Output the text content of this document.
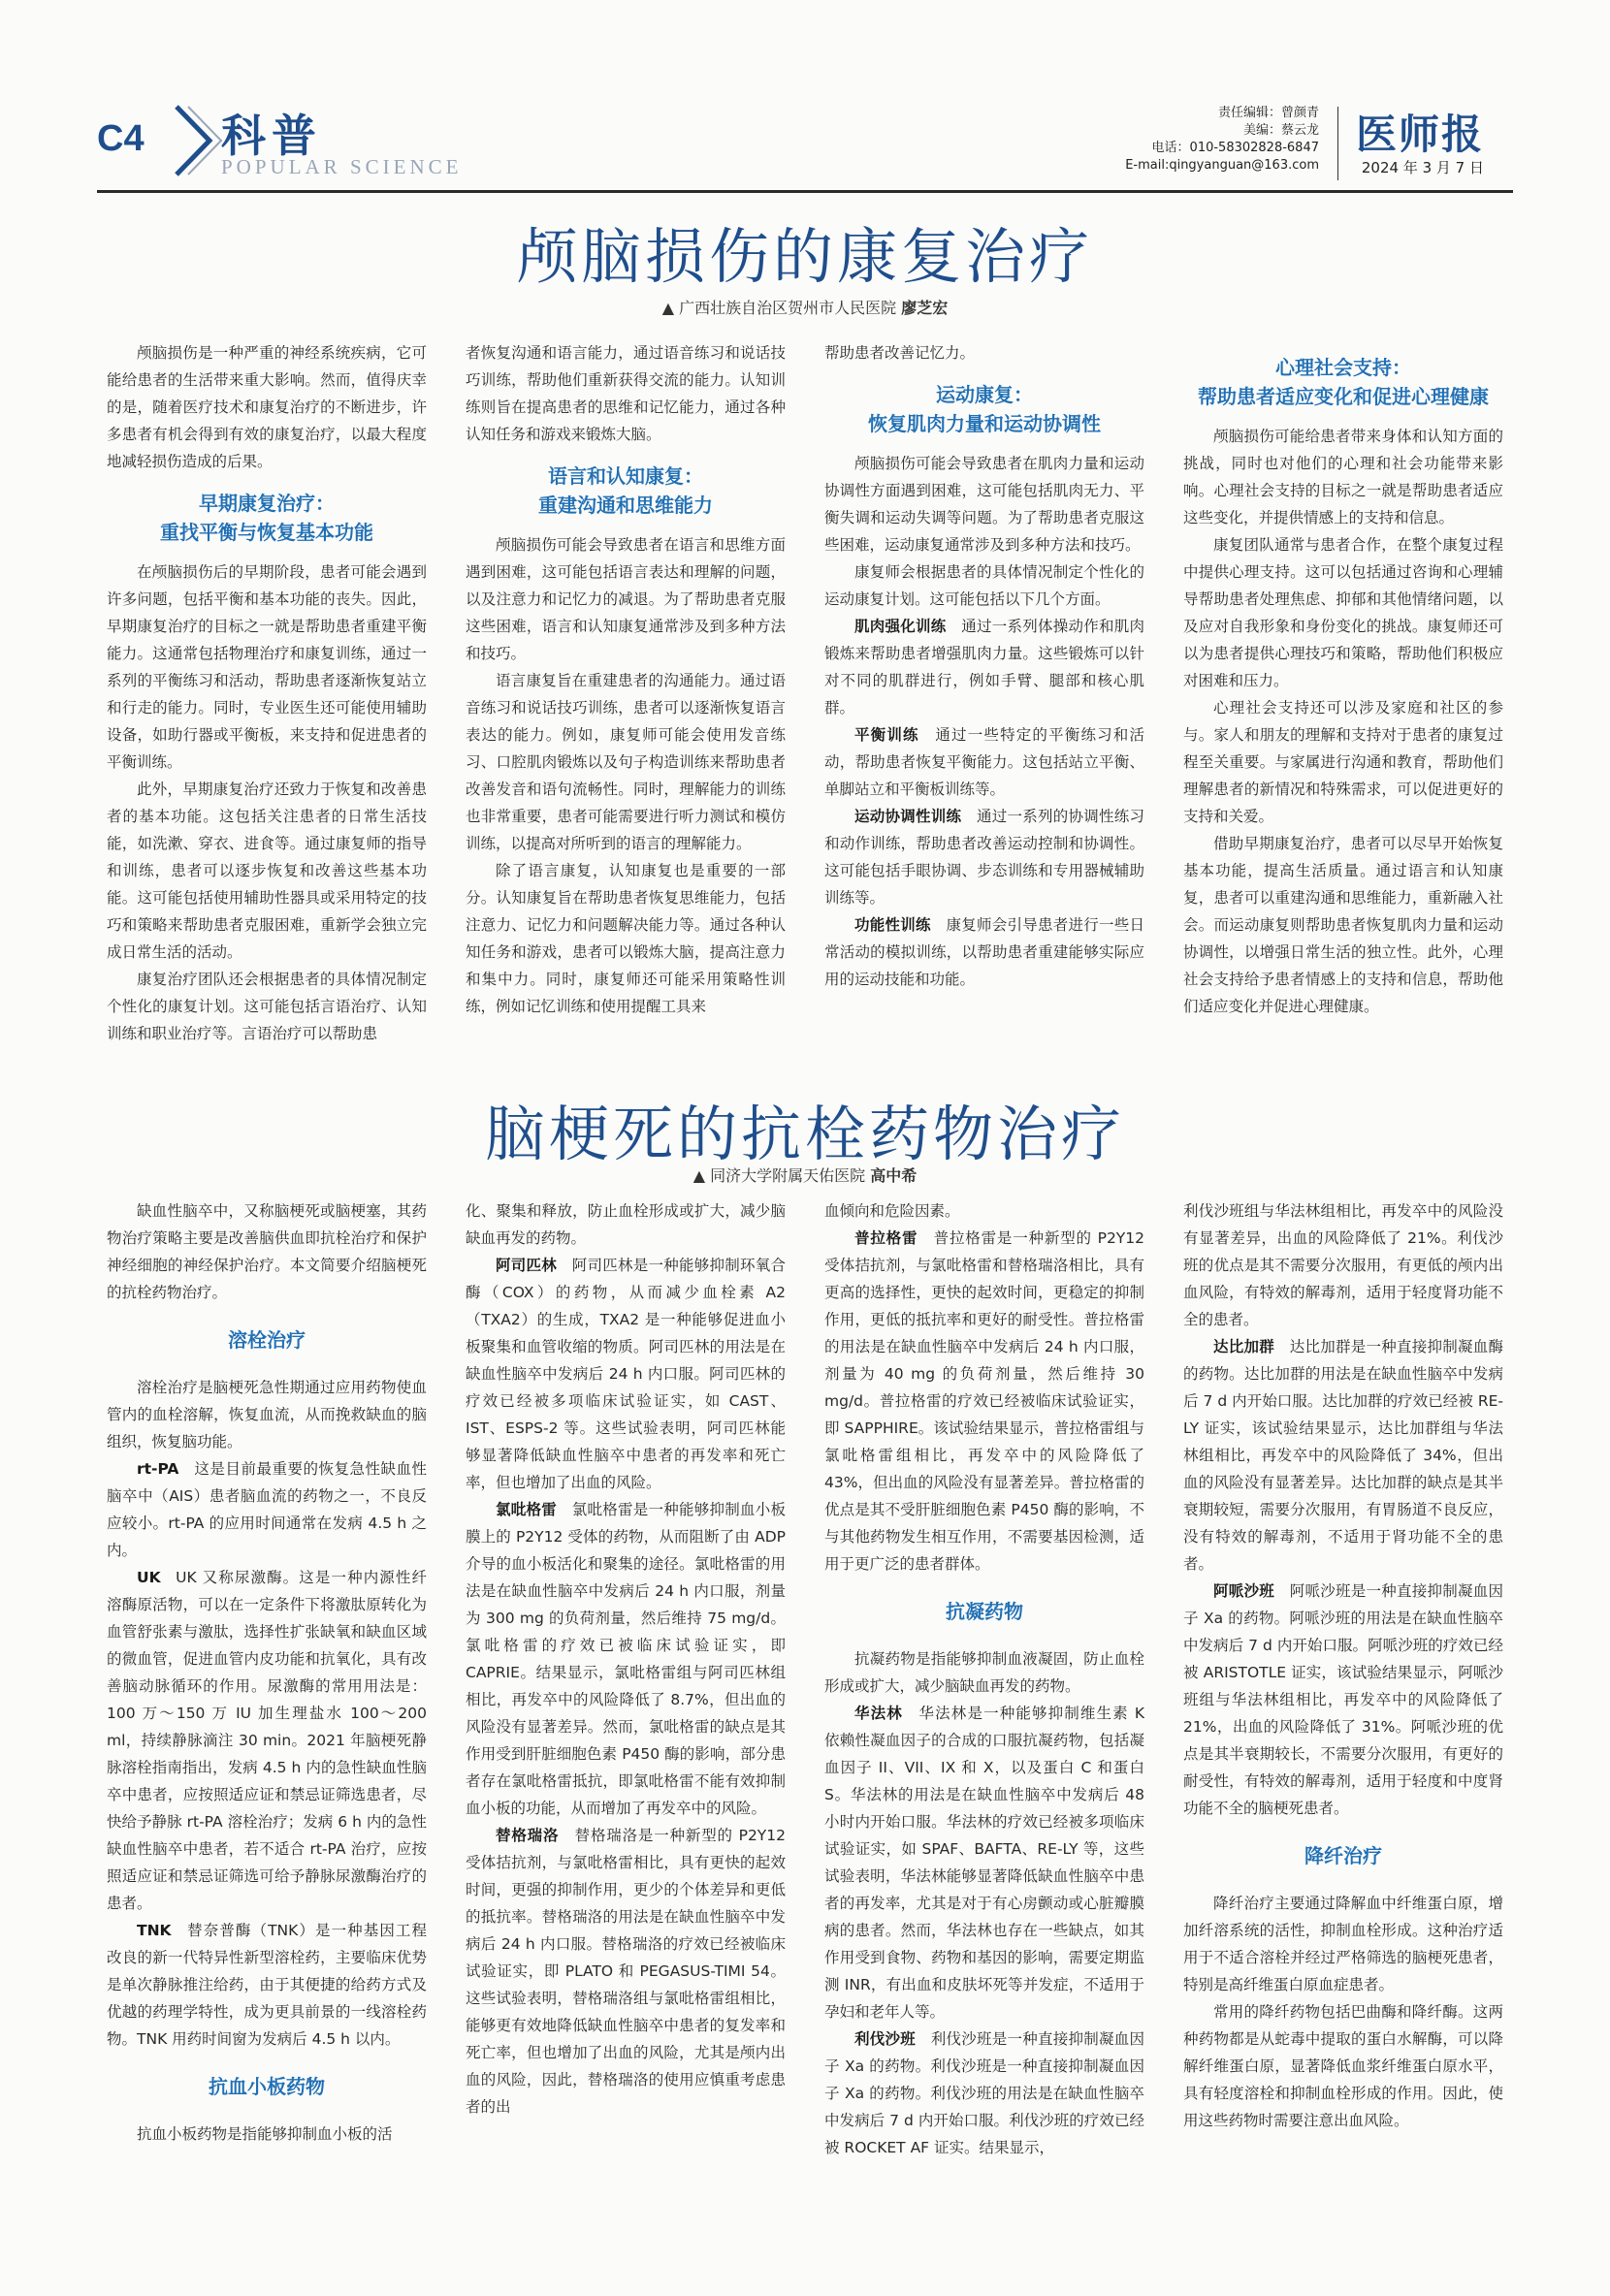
C4 科普
POPULAR SCIENCE
责任编辑：曾颜青
美编：蔡云龙
电话：010-58302828-6847
E-mail:qingyanguan@163.com
医师报
2024 年 3 月 7 日
颅脑损伤的康复治疗
▲ 广西壮族自治区贺州市人民医院 廖芝宏

颅脑损伤是一种严重的神经系统疾病，它可能给患者的生活带来重大影响。然而，值得庆幸的是，随着医疗技术和康复治疗的不断进步，许多患者有机会得到有效的康复治疗，以最大程度地减轻损伤造成的后果。

早期康复治疗：
重找平衡与恢复基本功能

在颅脑损伤后的早期阶段，患者可能会遇到许多问题，包括平衡和基本功能的丧失。因此，早期康复治疗的目标之一就是帮助患者重建平衡能力。这通常包括物理治疗和康复训练，通过一系列的平衡练习和活动，帮助患者逐渐恢复站立和行走的能力。同时，专业医生还可能使用辅助设备，如助行器或平衡板，来支持和促进患者的平衡训练。

此外，早期康复治疗还致力于恢复和改善患者的基本功能。这包括关注患者的日常生活技能，如洗漱、穿衣、进食等。通过康复师的指导和训练，患者可以逐步恢复和改善这些基本功能。这可能包括使用辅助性器具或采用特定的技巧和策略来帮助患者克服困难，重新学会独立完成日常生活的活动。

康复治疗团队还会根据患者的具体情况制定个性化的康复计划。这可能包括言语治疗、认知训练和职业治疗等。言语治疗可以帮助患

者恢复沟通和语言能力，通过语音练习和说话技巧训练，帮助他们重新获得交流的能力。认知训练则旨在提高患者的思维和记忆能力，通过各种认知任务和游戏来锻炼大脑。

语言和认知康复：
重建沟通和思维能力

颅脑损伤可能会导致患者在语言和思维方面遇到困难，这可能包括语言表达和理解的问题，以及注意力和记忆力的减退。为了帮助患者克服这些困难，语言和认知康复通常涉及到多种方法和技巧。

语言康复旨在重建患者的沟通能力。通过语音练习和说话技巧训练，患者可以逐渐恢复语言表达的能力。例如，康复师可能会使用发音练习、口腔肌肉锻炼以及句子构造训练来帮助患者改善发音和语句流畅性。同时，理解能力的训练也非常重要，患者可能需要进行听力测试和模仿训练，以提高对所听到的语言的理解能力。

除了语言康复，认知康复也是重要的一部分。认知康复旨在帮助患者恢复思维能力，包括注意力、记忆力和问题解决能力等。通过各种认知任务和游戏，患者可以锻炼大脑，提高注意力和集中力。同时，康复师还可能采用策略性训练，例如记忆训练和使用提醒工具来

帮助患者改善记忆力。

运动康复：
恢复肌肉力量和运动协调性

颅脑损伤可能会导致患者在肌肉力量和运动协调性方面遇到困难，这可能包括肌肉无力、平衡失调和运动失调等问题。为了帮助患者克服这些困难，运动康复通常涉及到多种方法和技巧。

康复师会根据患者的具体情况制定个性化的运动康复计划。这可能包括以下几个方面。

肌肉强化训练  通过一系列体操动作和肌肉锻炼来帮助患者增强肌肉力量。这些锻炼可以针对不同的肌群进行，例如手臂、腿部和核心肌群。

平衡训练  通过一些特定的平衡练习和活动，帮助患者恢复平衡能力。这包括站立平衡、单脚站立和平衡板训练等。

运动协调性训练  通过一系列的协调性练习和动作训练，帮助患者改善运动控制和协调性。这可能包括手眼协调、步态训练和专用器械辅助训练等。

功能性训练  康复师会引导患者进行一些日常活动的模拟训练，以帮助患者重建能够实际应用的运动技能和功能。

心理社会支持：
帮助患者适应变化和促进心理健康

颅脑损伤可能给患者带来身体和认知方面的挑战，同时也对他们的心理和社会功能带来影响。心理社会支持的目标之一就是帮助患者适应这些变化，并提供情感上的支持和信息。

康复团队通常与患者合作，在整个康复过程中提供心理支持。这可以包括通过咨询和心理辅导帮助患者处理焦虑、抑郁和其他情绪问题，以及应对自我形象和身份变化的挑战。康复师还可以为患者提供心理技巧和策略，帮助他们积极应对困难和压力。

心理社会支持还可以涉及家庭和社区的参与。家人和朋友的理解和支持对于患者的康复过程至关重要。与家属进行沟通和教育，帮助他们理解患者的新情况和特殊需求，可以促进更好的支持和关爱。

借助早期康复治疗，患者可以尽早开始恢复基本功能，提高生活质量。通过语言和认知康复，患者可以重建沟通和思维能力，重新融入社会。而运动康复则帮助患者恢复肌肉力量和运动协调性，以增强日常生活的独立性。此外，心理社会支持给予患者情感上的支持和信息，帮助他们适应变化并促进心理健康。

脑梗死的抗栓药物治疗
▲ 同济大学附属天佑医院 高中希

缺血性脑卒中，又称脑梗死或脑梗塞，其药物治疗策略主要是改善脑供血即抗栓治疗和保护神经细胞的神经保护治疗。本文简要介绍脑梗死的抗栓药物治疗。

溶栓治疗

溶栓治疗是脑梗死急性期通过应用药物使血管内的血栓溶解，恢复血流，从而挽救缺血的脑组织，恢复脑功能。

rt-PA  这是目前最重要的恢复急性缺血性脑卒中（AIS）患者脑血流的药物之一，不良反应较小。rt-PA 的应用时间通常在发病 4.5 h 之内。

UK  UK 又称尿激酶。这是一种内源性纤溶酶原活物，可以在一定条件下将激肽原转化为血管舒张素与激肽，选择性扩张缺氧和缺血区域的微血管，促进血管内皮功能和抗氧化，具有改善脑动脉循环的作用。尿激酶的常用用法是：100 万～150 万 IU 加生理盐水 100～200 ml，持续静脉滴注 30 min。2021 年脑梗死静脉溶栓指南指出，发病 4.5 h 内的急性缺血性脑卒中患者，应按照适应证和禁忌证筛选患者，尽快给予静脉 rt-PA 溶栓治疗；发病 6 h 内的急性缺血性脑卒中患者，若不适合 rt-PA 治疗，应按照适应证和禁忌证筛选可给予静脉尿激酶治疗的患者。

TNK  替奈普酶（TNK）是一种基因工程改良的新一代特异性新型溶栓药，主要临床优势是单次静脉推注给药，由于其便捷的给药方式及优越的药理学特性，成为更具前景的一线溶栓药物。TNK 用药时间窗为发病后 4.5 h 以内。

抗血小板药物

抗血小板药物是指能够抑制血小板的活

化、聚集和释放，防止血栓形成或扩大，减少脑缺血再发的药物。

阿司匹林  阿司匹林是一种能够抑制环氧合酶（COX）的药物，从而减少血栓素 A2（TXA2）的生成，TXA2 是一种能够促进血小板聚集和血管收缩的物质。阿司匹林的用法是在缺血性脑卒中发病后 24 h 内口服。阿司匹林的疗效已经被多项临床试验证实，如 CAST、IST、ESPS-2 等。这些试验表明，阿司匹林能够显著降低缺血性脑卒中患者的再发率和死亡率，但也增加了出血的风险。

氯吡格雷  氯吡格雷是一种能够抑制血小板膜上的 P2Y12 受体的药物，从而阻断了由 ADP 介导的血小板活化和聚集的途径。氯吡格雷的用法是在缺血性脑卒中发病后 24 h 内口服，剂量为 300 mg 的负荷剂量，然后维持 75 mg/d。氯吡格雷的疗效已被临床试验证实，即 CAPRIE。结果显示，氯吡格雷组与阿司匹林组相比，再发卒中的风险降低了 8.7%，但出血的风险没有显著差异。然而，氯吡格雷的缺点是其作用受到肝脏细胞色素 P450 酶的影响，部分患者存在氯吡格雷抵抗，即氯吡格雷不能有效抑制血小板的功能，从而增加了再发卒中的风险。

替格瑞洛  替格瑞洛是一种新型的 P2Y12 受体拮抗剂，与氯吡格雷相比，具有更快的起效时间，更强的抑制作用，更少的个体差异和更低的抵抗率。替格瑞洛的用法是在缺血性脑卒中发病后 24 h 内口服。替格瑞洛的疗效已经被临床试验证实，即 PLATO 和 PEGASUS-TIMI 54。这些试验表明，替格瑞洛组与氯吡格雷组相比，能够更有效地降低缺血性脑卒中患者的复发率和死亡率，但也增加了出血的风险，尤其是颅内出血的风险，因此，替格瑞洛的使用应慎重考虑患者的出

血倾向和危险因素。

普拉格雷  普拉格雷是一种新型的 P2Y12 受体拮抗剂，与氯吡格雷和替格瑞洛相比，具有更高的选择性，更快的起效时间，更稳定的抑制作用，更低的抵抗率和更好的耐受性。普拉格雷的用法是在缺血性脑卒中发病后 24 h 内口服，剂量为 40 mg 的负荷剂量，然后维持 30 mg/d。普拉格雷的疗效已经被临床试验证实，即 SAPPHIRE。该试验结果显示，普拉格雷组与氯吡格雷组相比，再发卒中的风险降低了 43%，但出血的风险没有显著差异。普拉格雷的优点是其不受肝脏细胞色素 P450 酶的影响，不与其他药物发生相互作用，不需要基因检测，适用于更广泛的患者群体。

抗凝药物

抗凝药物是指能够抑制血液凝固，防止血栓形成或扩大，减少脑缺血再发的药物。

华法林  华法林是一种能够抑制维生素 K 依赖性凝血因子的合成的口服抗凝药物，包括凝血因子 II、VII、IX 和 X，以及蛋白 C 和蛋白 S。华法林的用法是在缺血性脑卒中发病后 48 小时内开始口服。华法林的疗效已经被多项临床试验证实，如 SPAF、BAFTA、RE-LY 等，这些试验表明，华法林能够显著降低缺血性脑卒中患者的再发率，尤其是对于有心房颤动或心脏瓣膜病的患者。然而，华法林也存在一些缺点，如其作用受到食物、药物和基因的影响，需要定期监测 INR，有出血和皮肤坏死等并发症，不适用于孕妇和老年人等。

利伐沙班  利伐沙班是一种直接抑制凝血因子 Xa 的药物。利伐沙班是一种直接抑制凝血因子 Xa 的药物。利伐沙班的用法是在缺血性脑卒中发病后 7 d 内开始口服。利伐沙班的疗效已经被 ROCKET AF 证实。结果显示，

利伐沙班组与华法林组相比，再发卒中的风险没有显著差异，出血的风险降低了 21%。利伐沙班的优点是其不需要分次服用，有更低的颅内出血风险，有特效的解毒剂，适用于轻度肾功能不全的患者。

达比加群  达比加群是一种直接抑制凝血酶的药物。达比加群的用法是在缺血性脑卒中发病后 7 d 内开始口服。达比加群的疗效已经被 RE-LY 证实，该试验结果显示，达比加群组与华法林组相比，再发卒中的风险降低了 34%，但出血的风险没有显著差异。达比加群的缺点是其半衰期较短，需要分次服用，有胃肠道不良反应，没有特效的解毒剂，不适用于肾功能不全的患者。

阿哌沙班  阿哌沙班是一种直接抑制凝血因子 Xa 的药物。阿哌沙班的用法是在缺血性脑卒中发病后 7 d 内开始口服。阿哌沙班的疗效已经被 ARISTOTLE 证实，该试验结果显示，阿哌沙班组与华法林组相比，再发卒中的风险降低了 21%，出血的风险降低了 31%。阿哌沙班的优点是其半衰期较长，不需要分次服用，有更好的耐受性，有特效的解毒剂，适用于轻度和中度肾功能不全的脑梗死患者。

降纤治疗

降纤治疗主要通过降解血中纤维蛋白原，增加纤溶系统的活性，抑制血栓形成。这种治疗适用于不适合溶栓并经过严格筛选的脑梗死患者，特别是高纤维蛋白原血症患者。

常用的降纤药物包括巴曲酶和降纤酶。这两种药物都是从蛇毒中提取的蛋白水解酶，可以降解纤维蛋白原，显著降低血浆纤维蛋白原水平，具有轻度溶栓和抑制血栓形成的作用。因此，使用这些药物时需要注意出血风险。
